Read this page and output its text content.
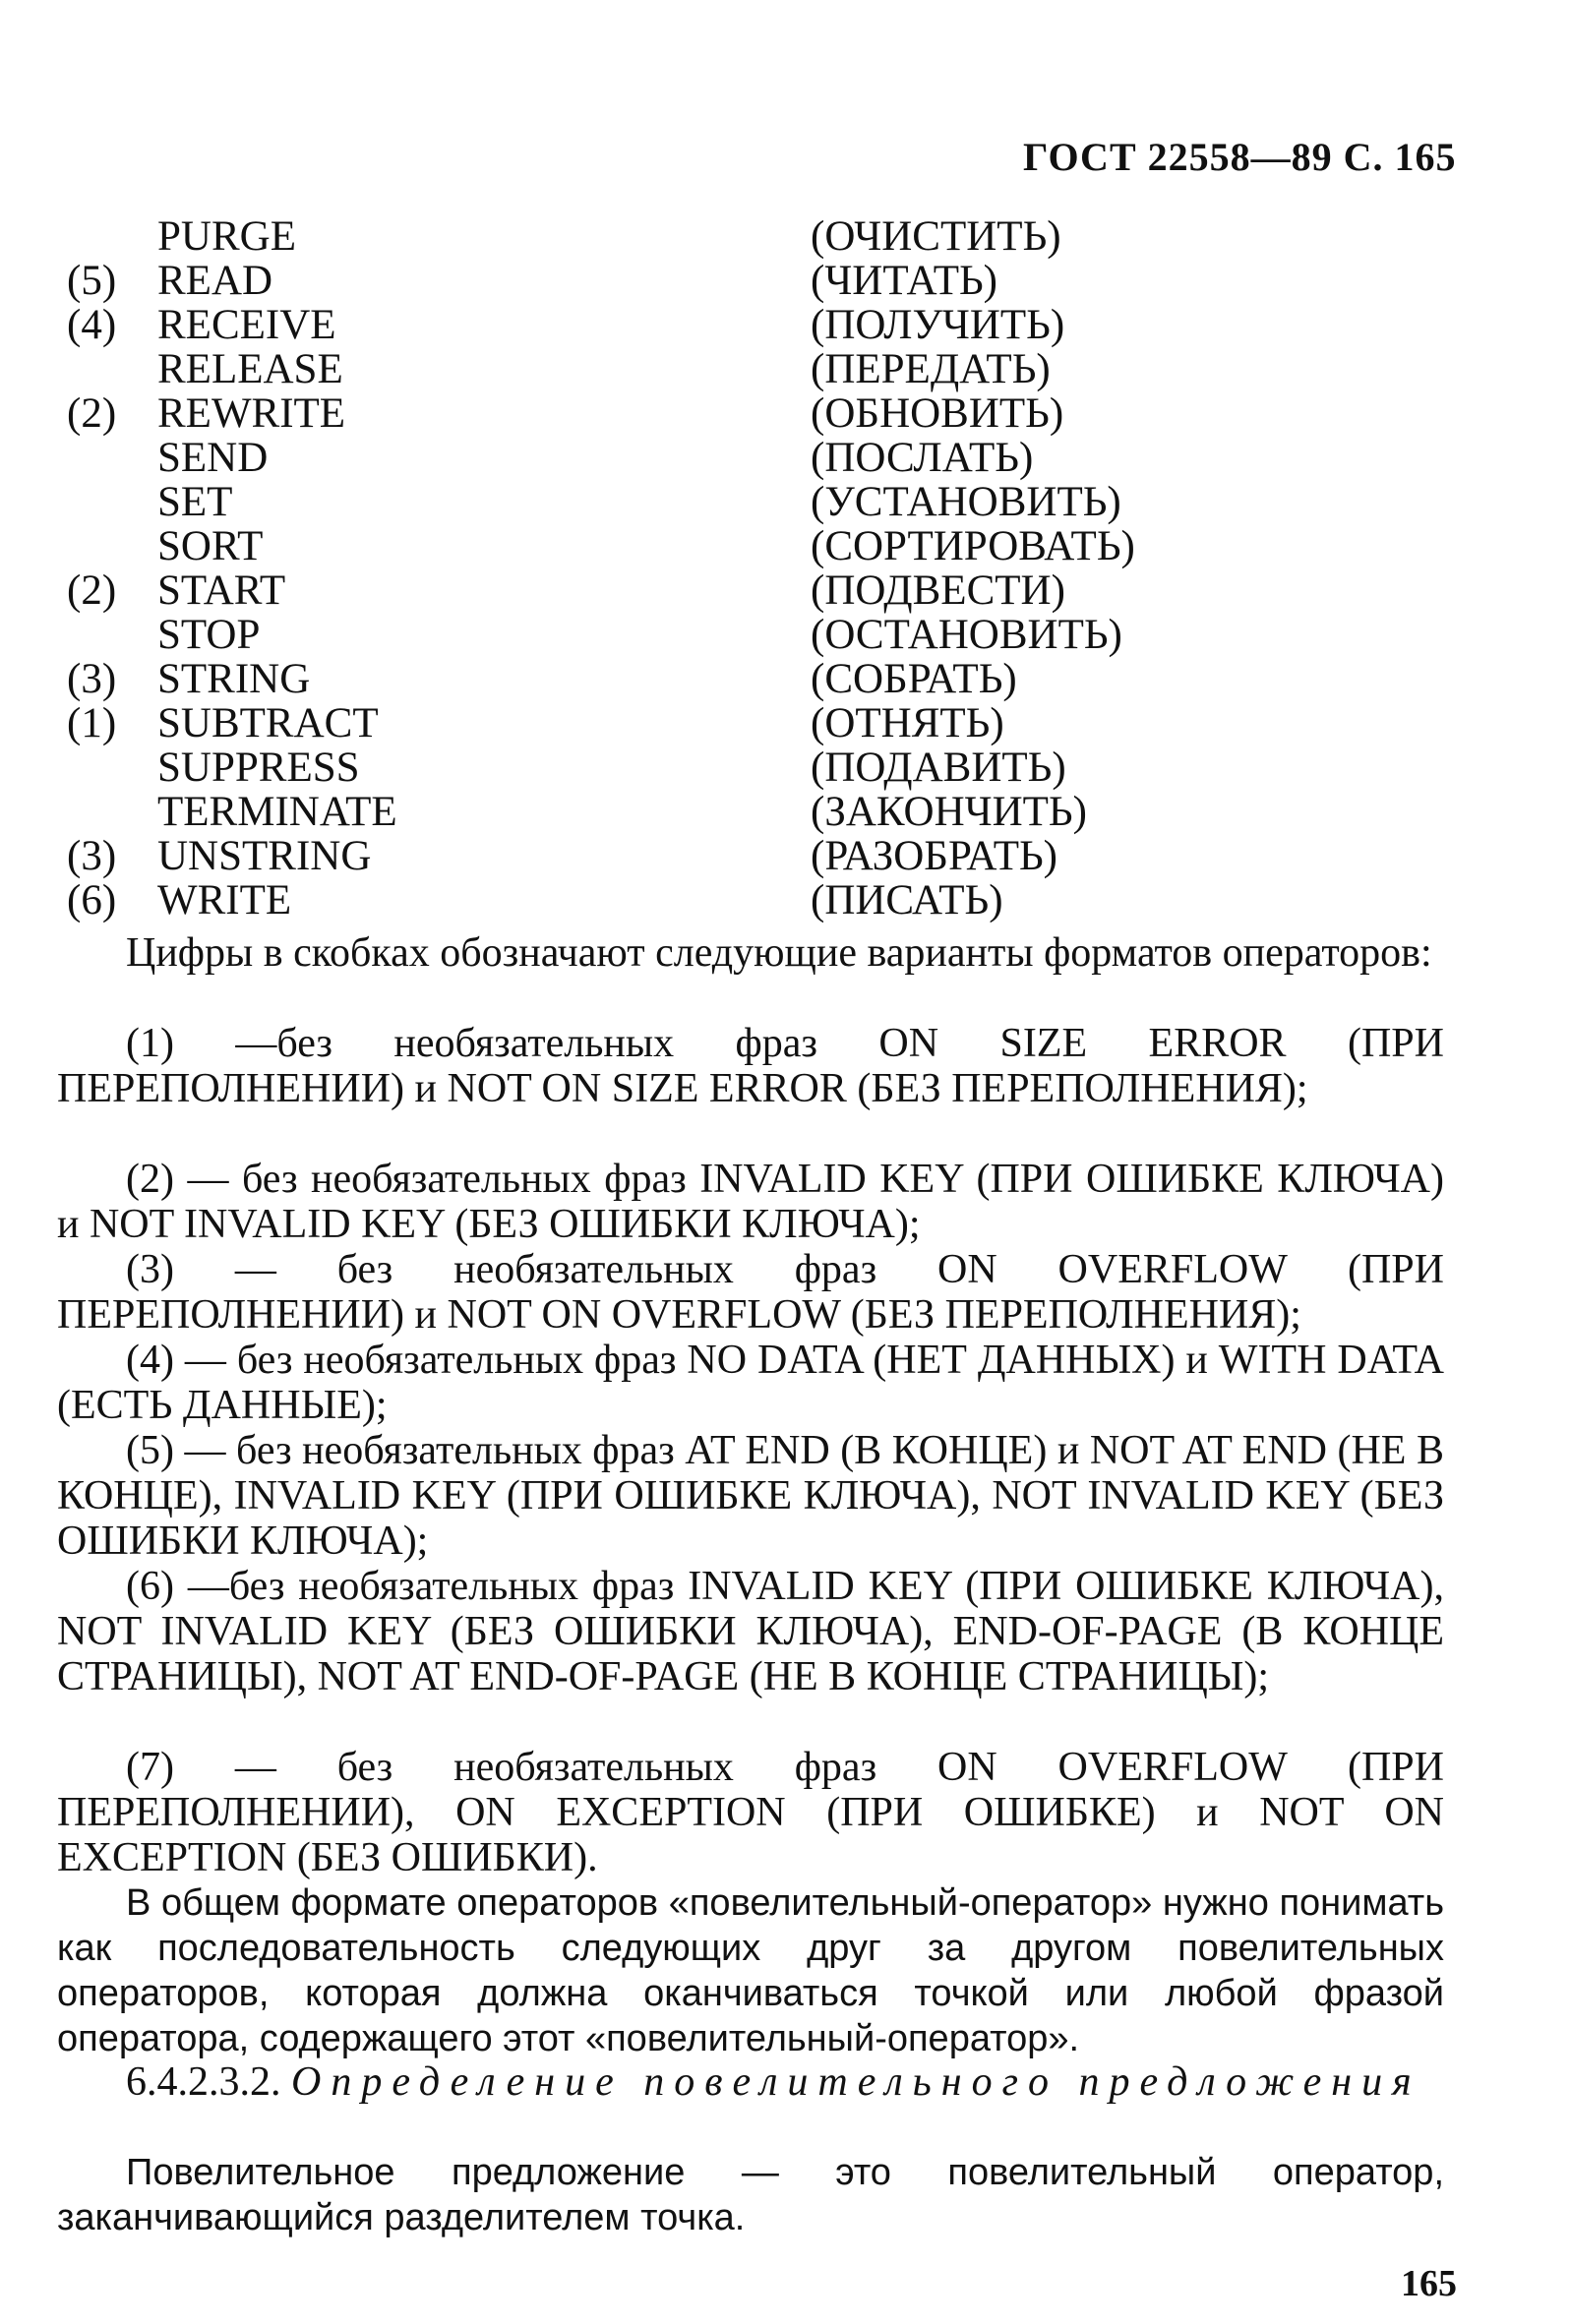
ГОСТ 22558—89 С. 165
PURGE	(ОЧИСТИТЬ)
(5) READ	(ЧИТАТЬ)
(4) RECEIVE	(ПОЛУЧИТЬ)
RELEASE	(ПЕРЕДАТЬ)
(2) REWRITE	(ОБНОВИТЬ)
SEND	(ПОСЛАТЬ)
SET	(УСТАНОВИТЬ)
SORT	(СОРТИРОВАТЬ)
(2) START	(ПОДВЕСТИ)
STOP	(ОСТАНОВИТЬ)
(3) STRING	(СОБРАТЬ)
(1) SUBTRACT	(ОТНЯТЬ)
SUPPRESS	(ПОДАВИТЬ)
TERMINATE	(ЗАКОНЧИТЬ)
(3) UNSTRING	(РАЗОБРАТЬ)
(6) WRITE	(ПИСАТЬ)
Цифры в скобках обозначают следующие варианты форматов операторов:
(1) —без необязательных фраз ON SIZE ERROR (ПРИ ПЕРЕПОЛНЕНИИ) и NOT ON SIZE ERROR (БЕЗ ПЕРЕПОЛНЕНИЯ);
(2) — без необязательных фраз INVALID KEY (ПРИ ОШИБКЕ КЛЮЧА) и NOT INVALID KEY (БЕЗ ОШИБКИ КЛЮЧА);
(3) — без необязательных фраз ON OVERFLOW (ПРИ ПЕРЕПОЛНЕНИИ) и NOT ON OVERFLOW (БЕЗ ПЕРЕПОЛНЕНИЯ);
(4) — без необязательных фраз NO DATA (НЕТ ДАННЫХ) и WITH DATA (ЕСТЬ ДАННЫЕ);
(5) — без необязательных фраз AT END (В КОНЦЕ) и NOT AT END (НЕ В КОНЦЕ), INVALID KEY (ПРИ ОШИБКЕ КЛЮЧА), NOT INVALID KEY (БЕЗ ОШИБКИ КЛЮЧА);
(6) —без необязательных фраз INVALID KEY (ПРИ ОШИБКЕ КЛЮЧА), NOT INVALID KEY (БЕЗ ОШИБКИ КЛЮЧА), END-OF-PAGE (В КОНЦЕ СТРАНИЦЫ), NOT AT END-OF-PAGE (НЕ В КОНЦЕ СТРАНИЦЫ);
(7) — без необязательных фраз ON OVERFLOW (ПРИ ПЕРЕПОЛНЕНИИ), ON EXCEPTION (ПРИ ОШИБКЕ) и NOT ON EXCEPTION (БЕЗ ОШИБКИ).
В общем формате операторов «повелительный-оператор» нужно понимать как последовательность следующих друг за другом повелительных операторов, которая должна оканчиваться точкой или любой фразой оператора, содержащего этот «повелительный-оператор».
6.4.2.3.2. Определение повелительного предложения
Повелительное предложение — это повелительный оператор, заканчивающийся разделителем точка.
165
